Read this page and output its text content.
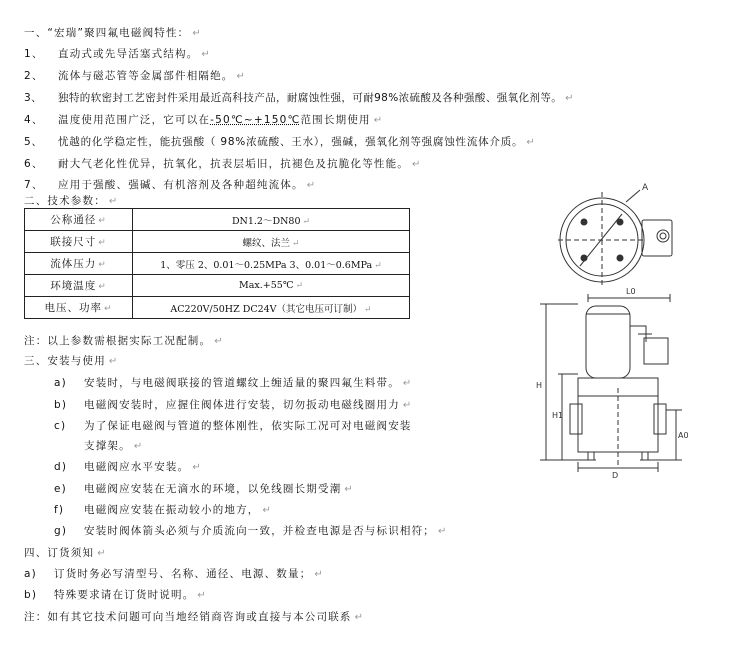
一、“宏瑞”聚四氟电磁阀特性： ↵
1、 直动式或先导活塞式结构。 ↵
2、 流体与磁芯管等金属部件相隔绝。 ↵
3、 独特的软密封工艺密封件采用最近高科技产品，耐腐蚀性强，可耐98%浓硫酸及各种强酸、强氧化剂等。 ↵
4、 温度使用范围广泛，它可以在-50℃~+150℃范围长期使用 ↵
5、 忧越的化学稳定性，能抗强酸（ 98%浓硫酸、王水），强碱，强氧化剂等强腐蚀性流体介质。 ↵
6、 耐大气老化性优异，抗氧化，抗表层垢旧，抗褪色及抗脆化等性能。 ↵
7、 应用于强酸、强碱、有机溶剂及各种超纯流体。 ↵
二、技术参数： ↵
公称通径 ↵	DN1.2～DN80 ↵
联接尺寸 ↵	螺纹、法兰 ↵
流体压力 ↵	1、零压 2、0.01～0.25MPa 3、0.01～0.6MPa ↵
环境温度 ↵	Max.+55℃ ↵
电压、功率 ↵	AC220V/50HZ DC24V（其它电压可订制） ↵
注：以上参数需根据实际工况配制。 ↵
三、安装与使用 ↵
a) 安装时，与电磁阀联接的管道螺纹上缠适量的聚四氟生料带。 ↵
b) 电磁阀安装时，应握住阀体进行安装，切勿扳动电磁线圈用力 ↵
c) 为了保证电磁阀与管道的整体刚性，依实际工况可对电磁阀安装
支撑架。 ↵
d) 电磁阀应水平安装。 ↵
e) 电磁阀应安装在无滴水的环境，以免线圈长期受潮 ↵
f) 电磁阀应安装在振动较小的地方， ↵
g) 安装时阀体箭头必须与介质流向一致，并检查电源是否与标识相符； ↵
四、订货须知 ↵
a) 订货时务必写清型号、名称、通径、电源、数量； ↵
b) 特殊要求请在订货时说明。 ↵
注：如有其它技术问题可向当地经销商咨询或直接与本公司联系 ↵
A
L0
H
H1
A0
D
